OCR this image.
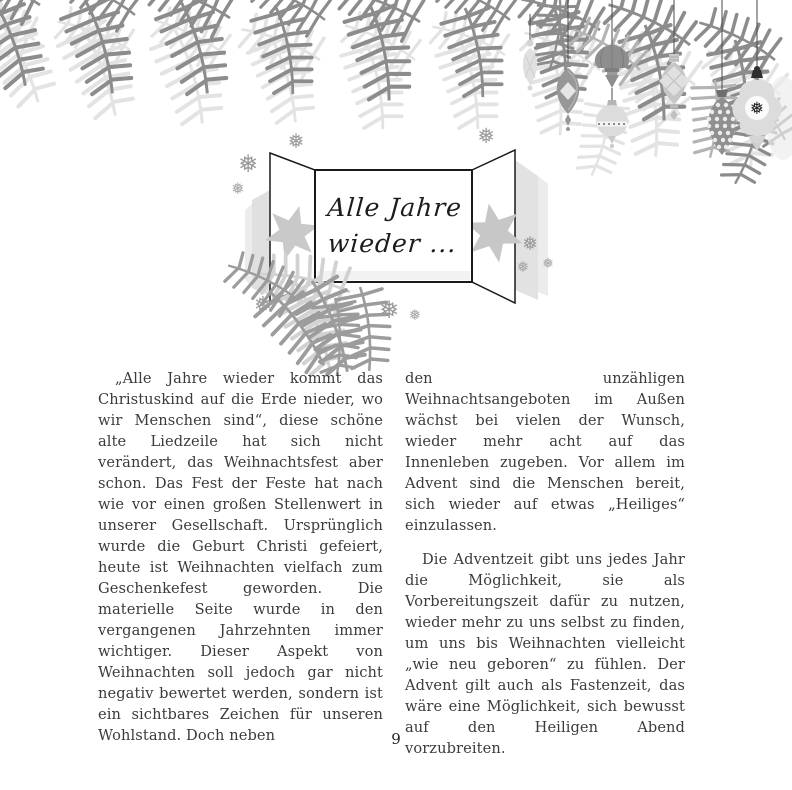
❅
❅
❅
❅
❅	❅ ❅
❅
❅
❅ ❅
Alle Jahre
wieder ...

„Alle Jahre wieder kommt das Christuskind auf die Erde nieder, wo wir Menschen sind“, diese schöne alte Liedzeile hat sich nicht verändert, das Weihnachtsfest aber schon. Das Fest der Feste hat nach wie vor einen großen Stellenwert in unserer Gesellschaft. Ursprünglich wurde die Geburt Christi gefeiert, heute ist Weihnachten vielfach zum Geschenkefest geworden. Die materielle Seite wurde in den vergangenen Jahrzehnten immer wichtiger. Dieser Aspekt von Weihnachten soll jedoch gar nicht negativ bewertet werden, sondern ist ein sichtbares Zeichen für unseren Wohlstand. Doch neben

den unzähligen Weihnachtsangeboten im Außen wächst bei vielen der Wunsch, wieder mehr acht auf das Innenleben zugeben. Vor allem im Advent sind die Menschen bereit, sich wieder auf etwas „Heiliges“ einzulassen.

Die Adventzeit gibt uns jedes Jahr die Möglichkeit, sie als Vorbereitungszeit dafür zu nutzen, wieder mehr zu uns selbst zu finden, um uns bis Weihnachten vielleicht „wie neu geboren“ zu fühlen. Der Advent gilt auch als Fastenzeit, das wäre eine Möglichkeit, sich bewusst auf den Heiligen Abend vorzubreiten.

9
